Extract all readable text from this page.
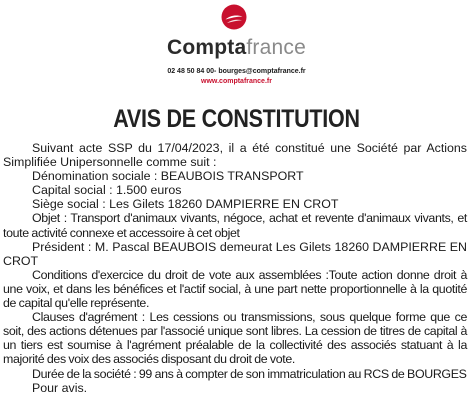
Comptafrance
02 48 50 84 00- bourges@comptafrance.fr
www.comptafrance.fr
AVIS DE CONSTITUTION

Suivant acte SSP du 17/04/2023, il a été constitué une Société par Actions Simplifiée Unipersonnelle comme suit :

Dénomination sociale : BEAUBOIS TRANSPORT

Capital social : 1.500 euros

Siège social : Les Gilets 18260 DAMPIERRE EN CROT

Objet : Transport d'animaux vivants, négoce, achat et revente d'animaux vivants, et toute activité connexe et accessoire à cet objet

Président : M. Pascal BEAUBOIS demeurat Les Gilets 18260 DAMPIERRE EN CROT

Conditions d'exercice du droit de vote aux assemblées :Toute action donne droit à une voix, et dans les bénéfices et l'actif social, à une part nette proportionnelle à la quotité de capital qu'elle représente.

Clauses d'agrément : Les cessions ou transmissions, sous quelque forme que ce soit, des actions détenues par l'associé unique sont libres. La cession de titres de capital à un tiers est soumise à l'agrément préalable de la collectivité des associés statuant à la majorité des voix des associés disposant du droit de vote.

Durée de la société : 99 ans à compter de son immatriculation au RCS de BOURGES

Pour avis.
